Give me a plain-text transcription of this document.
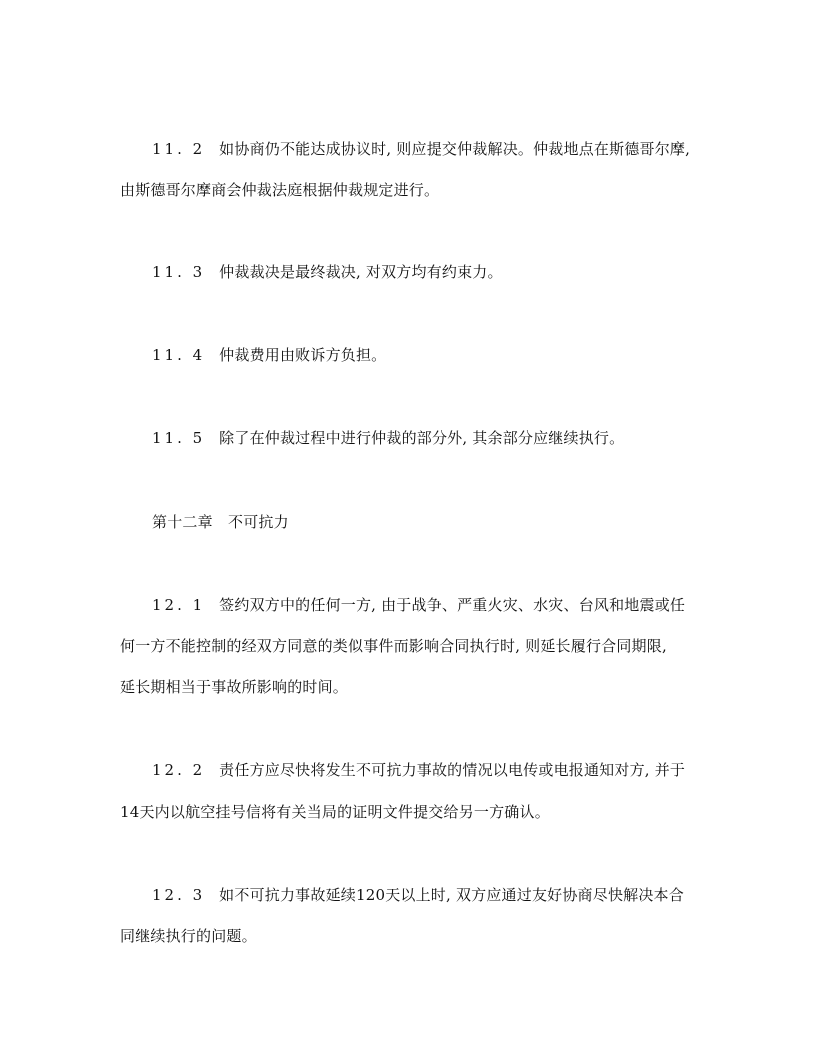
11. 2 如协商仍不能达成协议时, 则应提交仲裁解决。仲裁地点在斯德哥尔摩,
由斯德哥尔摩商会仲裁法庭根据仲裁规定进行。
11. 3 仲裁裁决是最终裁决, 对双方均有约束力。
11. 4 仲裁费用由败诉方负担。
11. 5 除了在仲裁过程中进行仲裁的部分外, 其余部分应继续执行。
第十二章　不可抗力
12. 1 签约双方中的任何一方, 由于战争、严重火灾、水灾、台风和地震或任
何一方不能控制的经双方同意的类似事件而影响合同执行时, 则延长履行合同期限,
延长期相当于事故所影响的时间。
12. 2 责任方应尽快将发生不可抗力事故的情况以电传或电报通知对方, 并于
14天内以航空挂号信将有关当局的证明文件提交给另一方确认。
12. 3 如不可抗力事故延续120天以上时, 双方应通过友好协商尽快解决本合
同继续执行的问题。
